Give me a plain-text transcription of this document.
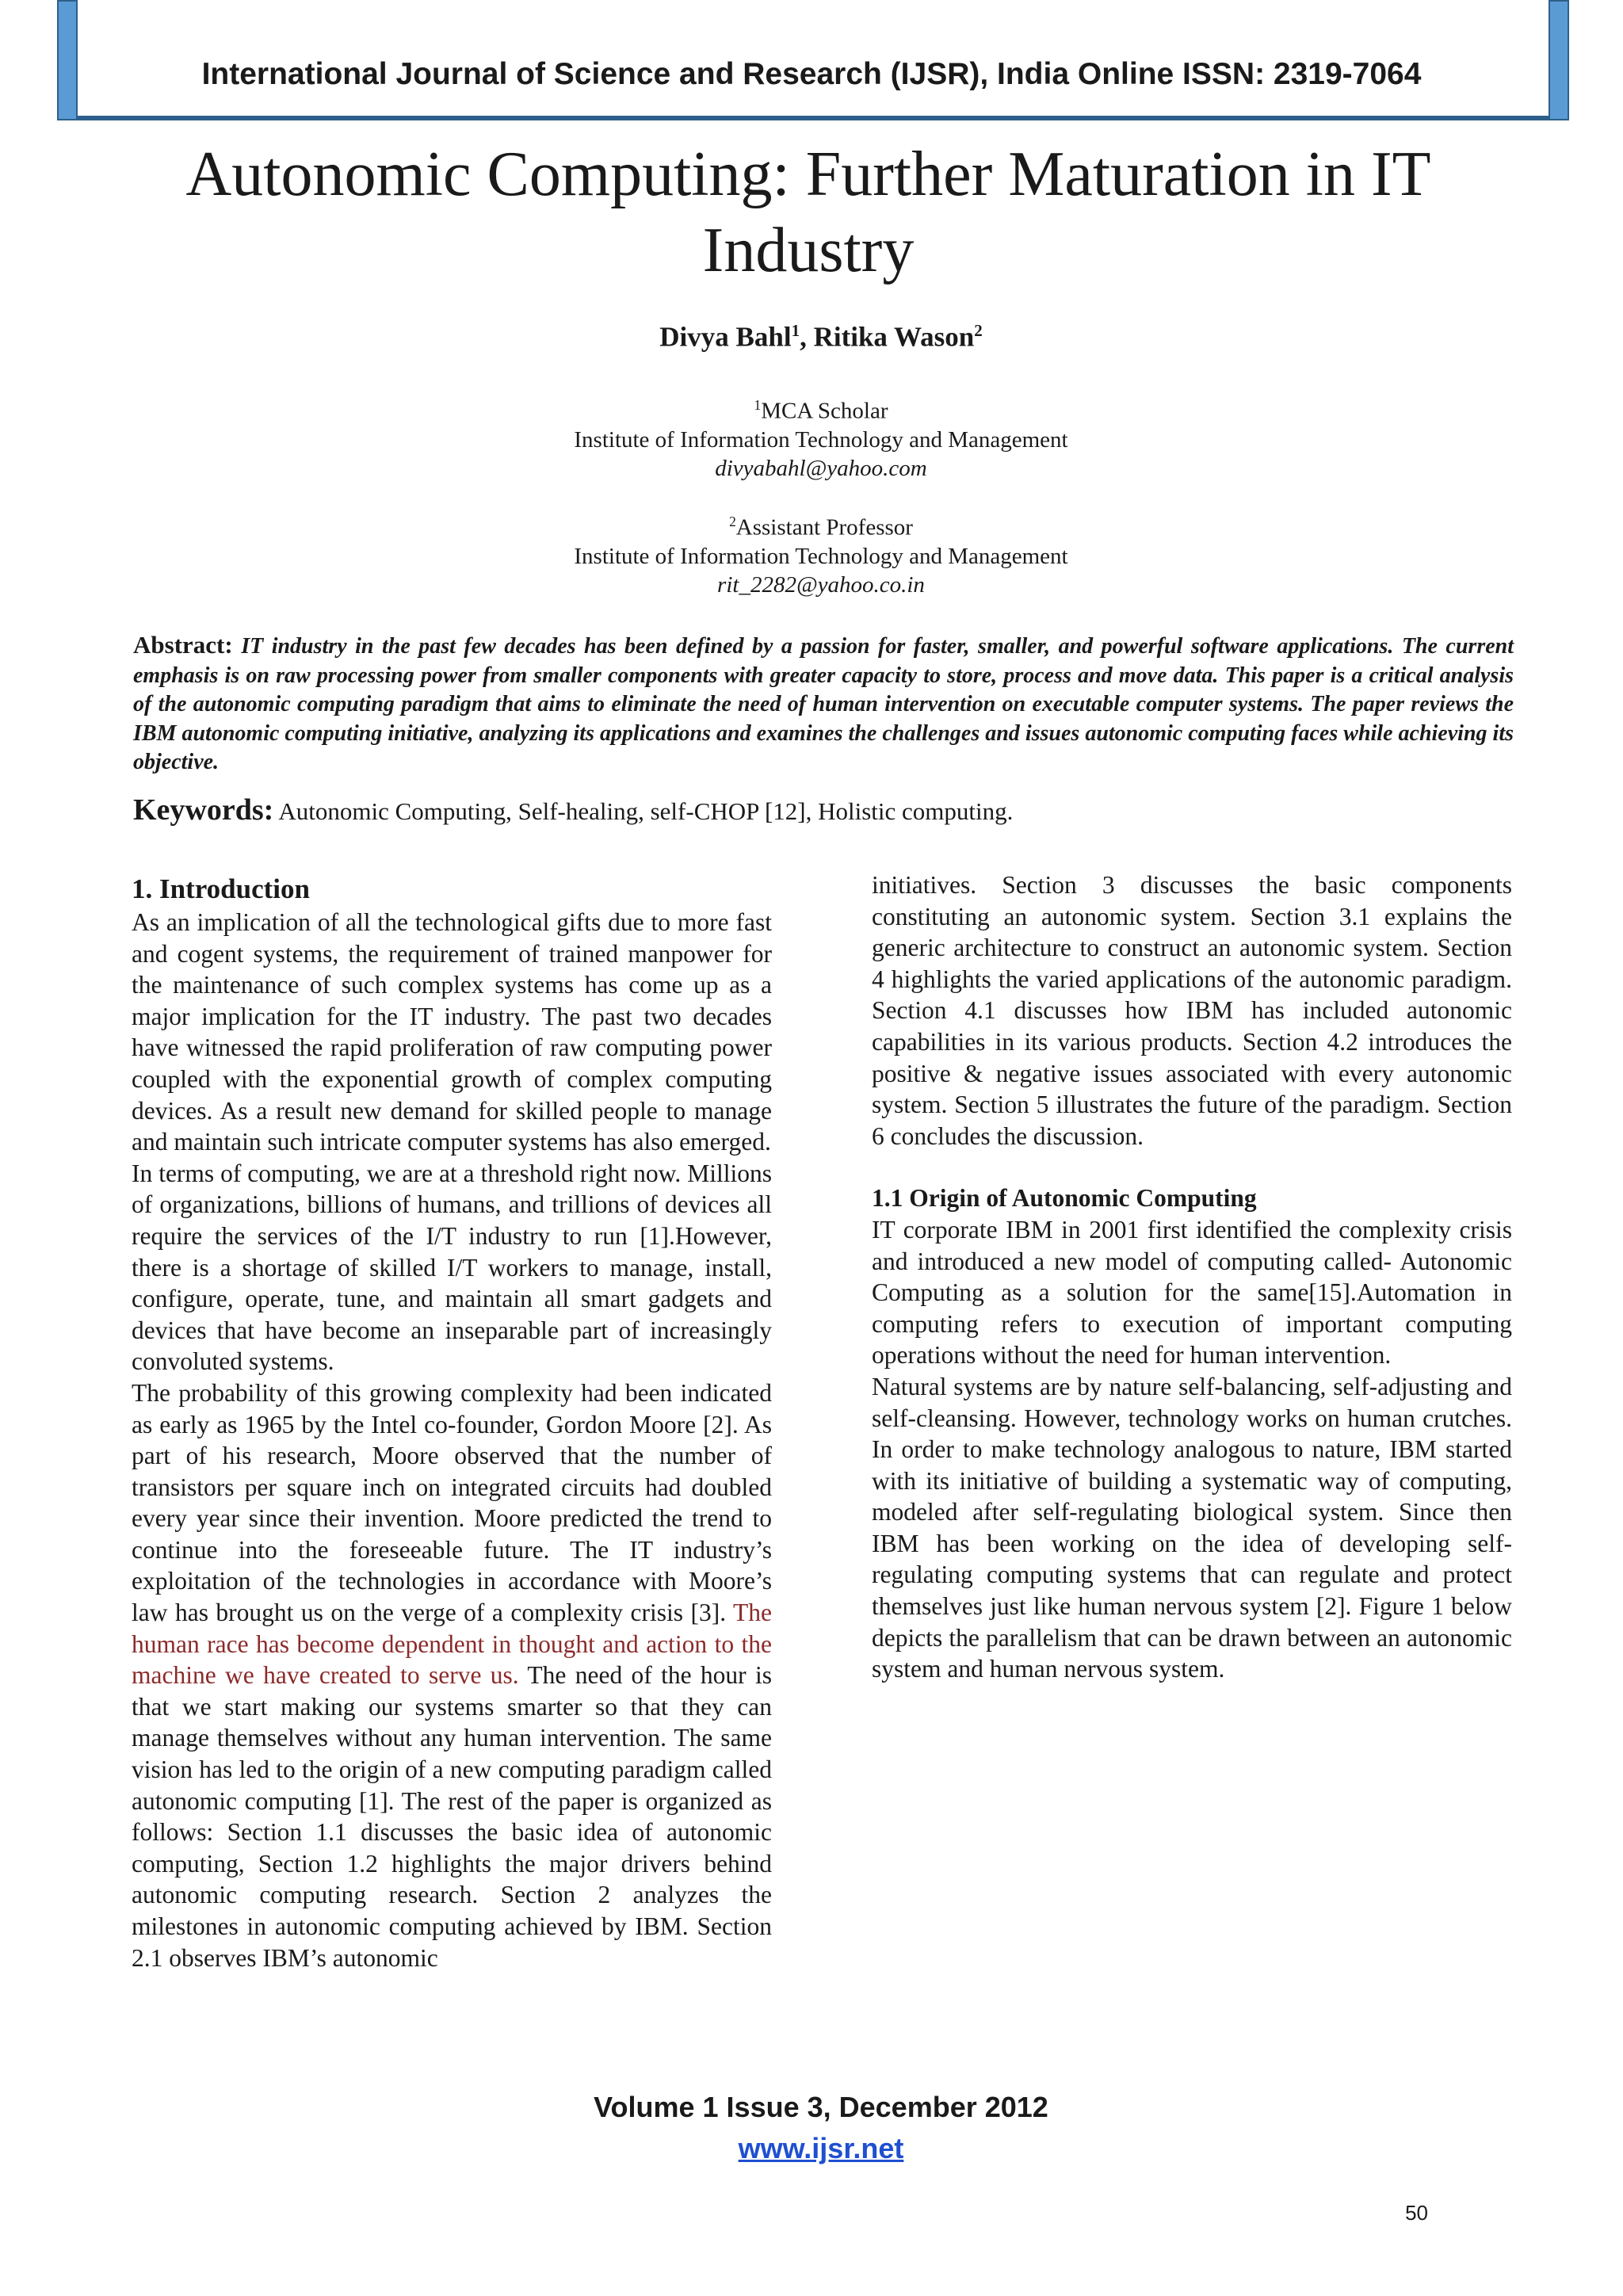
International Journal of Science and Research (IJSR), India Online ISSN: 2319-7064
Autonomic Computing: Further Maturation in IT Industry
Divya Bahl$^1$, Ritika Wason$^2$
$^1$MCA Scholar
Institute of Information Technology and Management
divyabahl@yahoo.com
$^2$Assistant Professor
Institute of Information Technology and Management
rit_2282@yahoo.co.in
Abstract: IT industry in the past few decades has been defined by a passion for faster, smaller, and powerful software applications. The current emphasis is on raw processing power from smaller components with greater capacity to store, process and move data. This paper is a critical analysis of the autonomic computing paradigm that aims to eliminate the need of human intervention on executable computer systems. The paper reviews the IBM autonomic computing initiative, analyzing its applications and examines the challenges and issues autonomic computing faces while achieving its objective.
Keywords: Autonomic Computing, Self-healing, self-CHOP [12], Holistic computing.
1. Introduction

As an implication of all the technological gifts due to more fast and cogent systems, the requirement of trained manpower for the maintenance of such complex systems has come up as a major implication for the IT industry. The past two decades have witnessed the rapid proliferation of raw computing power coupled with the exponential growth of complex computing devices. As a result new demand for skilled people to manage and maintain such intricate computer systems has also emerged.

In terms of computing, we are at a threshold right now. Millions of organizations, billions of humans, and trillions of devices all require the services of the I/T industry to run [1].However, there is a shortage of skilled I/T workers to manage, install, configure, operate, tune, and maintain all smart gadgets and devices that have become an inseparable part of increasingly convoluted systems.

The probability of this growing complexity had been indicated as early as 1965 by the Intel co-founder, Gordon Moore [2]. As part of his research, Moore observed that the number of transistors per square inch on integrated circuits had doubled every year since their invention. Moore predicted the trend to continue into the foreseeable future. The IT industry’s exploitation of the technologies in accordance with Moore’s law has brought us on the verge of a complexity crisis [3]. The human race has become dependent in thought and action to the machine we have created to serve us. The need of the hour is that we start making our systems smarter so that they can manage themselves without any human intervention. The same vision has led to the origin of a new computing paradigm called autonomic computing [1]. The rest of the paper is organized as follows: Section 1.1 discusses the basic idea of autonomic computing, Section 1.2 highlights the major drivers behind autonomic computing research. Section 2 analyzes the milestones in autonomic computing achieved by IBM. Section 2.1 observes IBM’s autonomic

initiatives. Section 3 discusses the basic components constituting an autonomic system. Section 3.1 explains the generic architecture to construct an autonomic system. Section 4 highlights the varied applications of the autonomic paradigm. Section 4.1 discusses how IBM has included autonomic capabilities in its various products. Section 4.2 introduces the positive & negative issues associated with every autonomic system. Section 5 illustrates the future of the paradigm. Section 6 concludes the discussion.

1.1 Origin of Autonomic Computing

IT corporate IBM in 2001 first identified the complexity crisis and introduced a new model of computing called- Autonomic Computing as a solution for the same[15].Automation in computing refers to execution of important computing operations without the need for human intervention.

Natural systems are by nature self-balancing, self-adjusting and self-cleansing. However, technology works on human crutches. In order to make technology analogous to nature, IBM started with its initiative of building a systematic way of computing, modeled after self-regulating biological system. Since then IBM has been working on the idea of developing self-regulating computing systems that can regulate and protect themselves just like human nervous system [2]. Figure 1 below depicts the parallelism that can be drawn between an autonomic system and human nervous system.

Volume 1 Issue 3, December 2012
www.ijsr.net
50
